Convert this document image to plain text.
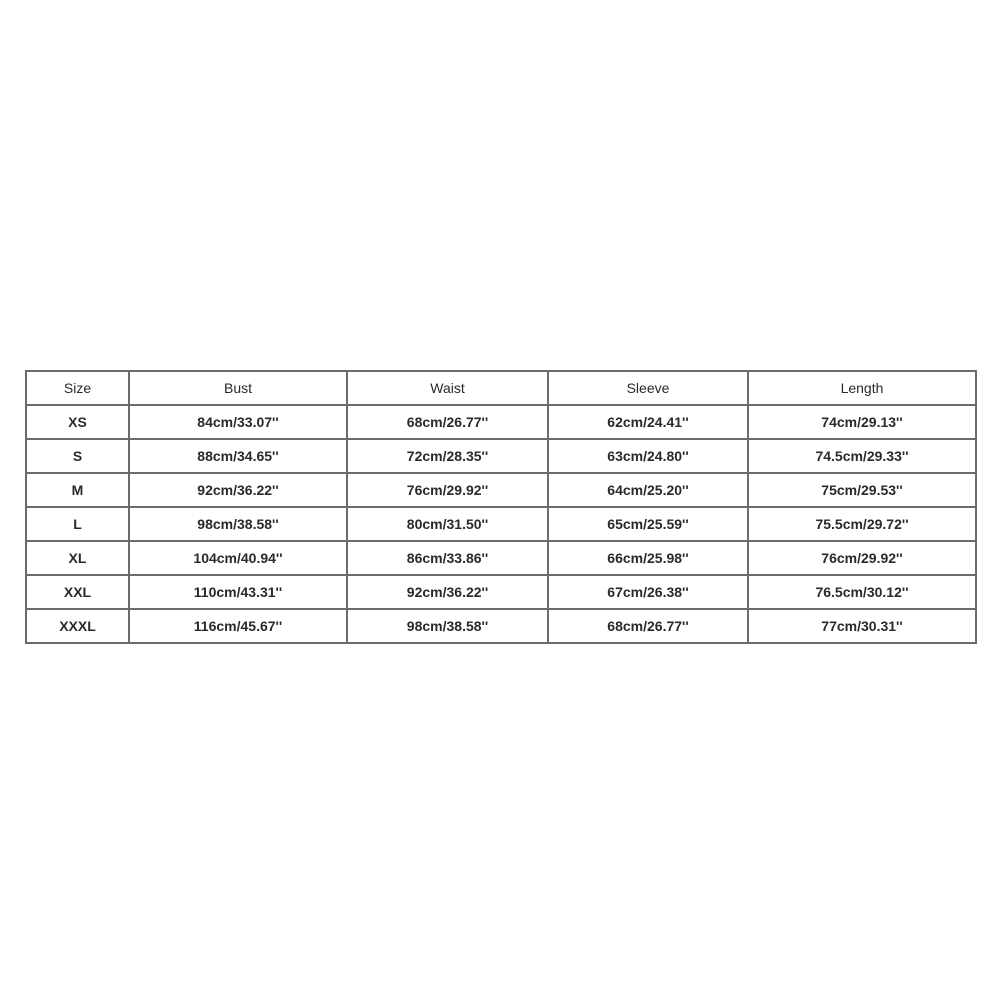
Size	Bust	Waist	Sleeve	Length
XS	84cm/33.07''	68cm/26.77''	62cm/24.41''	74cm/29.13''
S	88cm/34.65''	72cm/28.35''	63cm/24.80''	74.5cm/29.33''
M	92cm/36.22''	76cm/29.92''	64cm/25.20''	75cm/29.53''
L	98cm/38.58''	80cm/31.50''	65cm/25.59''	75.5cm/29.72''
XL	104cm/40.94''	86cm/33.86''	66cm/25.98''	76cm/29.92''
XXL	110cm/43.31''	92cm/36.22''	67cm/26.38''	76.5cm/30.12''
XXXL	116cm/45.67''	98cm/38.58''	68cm/26.77''	77cm/30.31''
